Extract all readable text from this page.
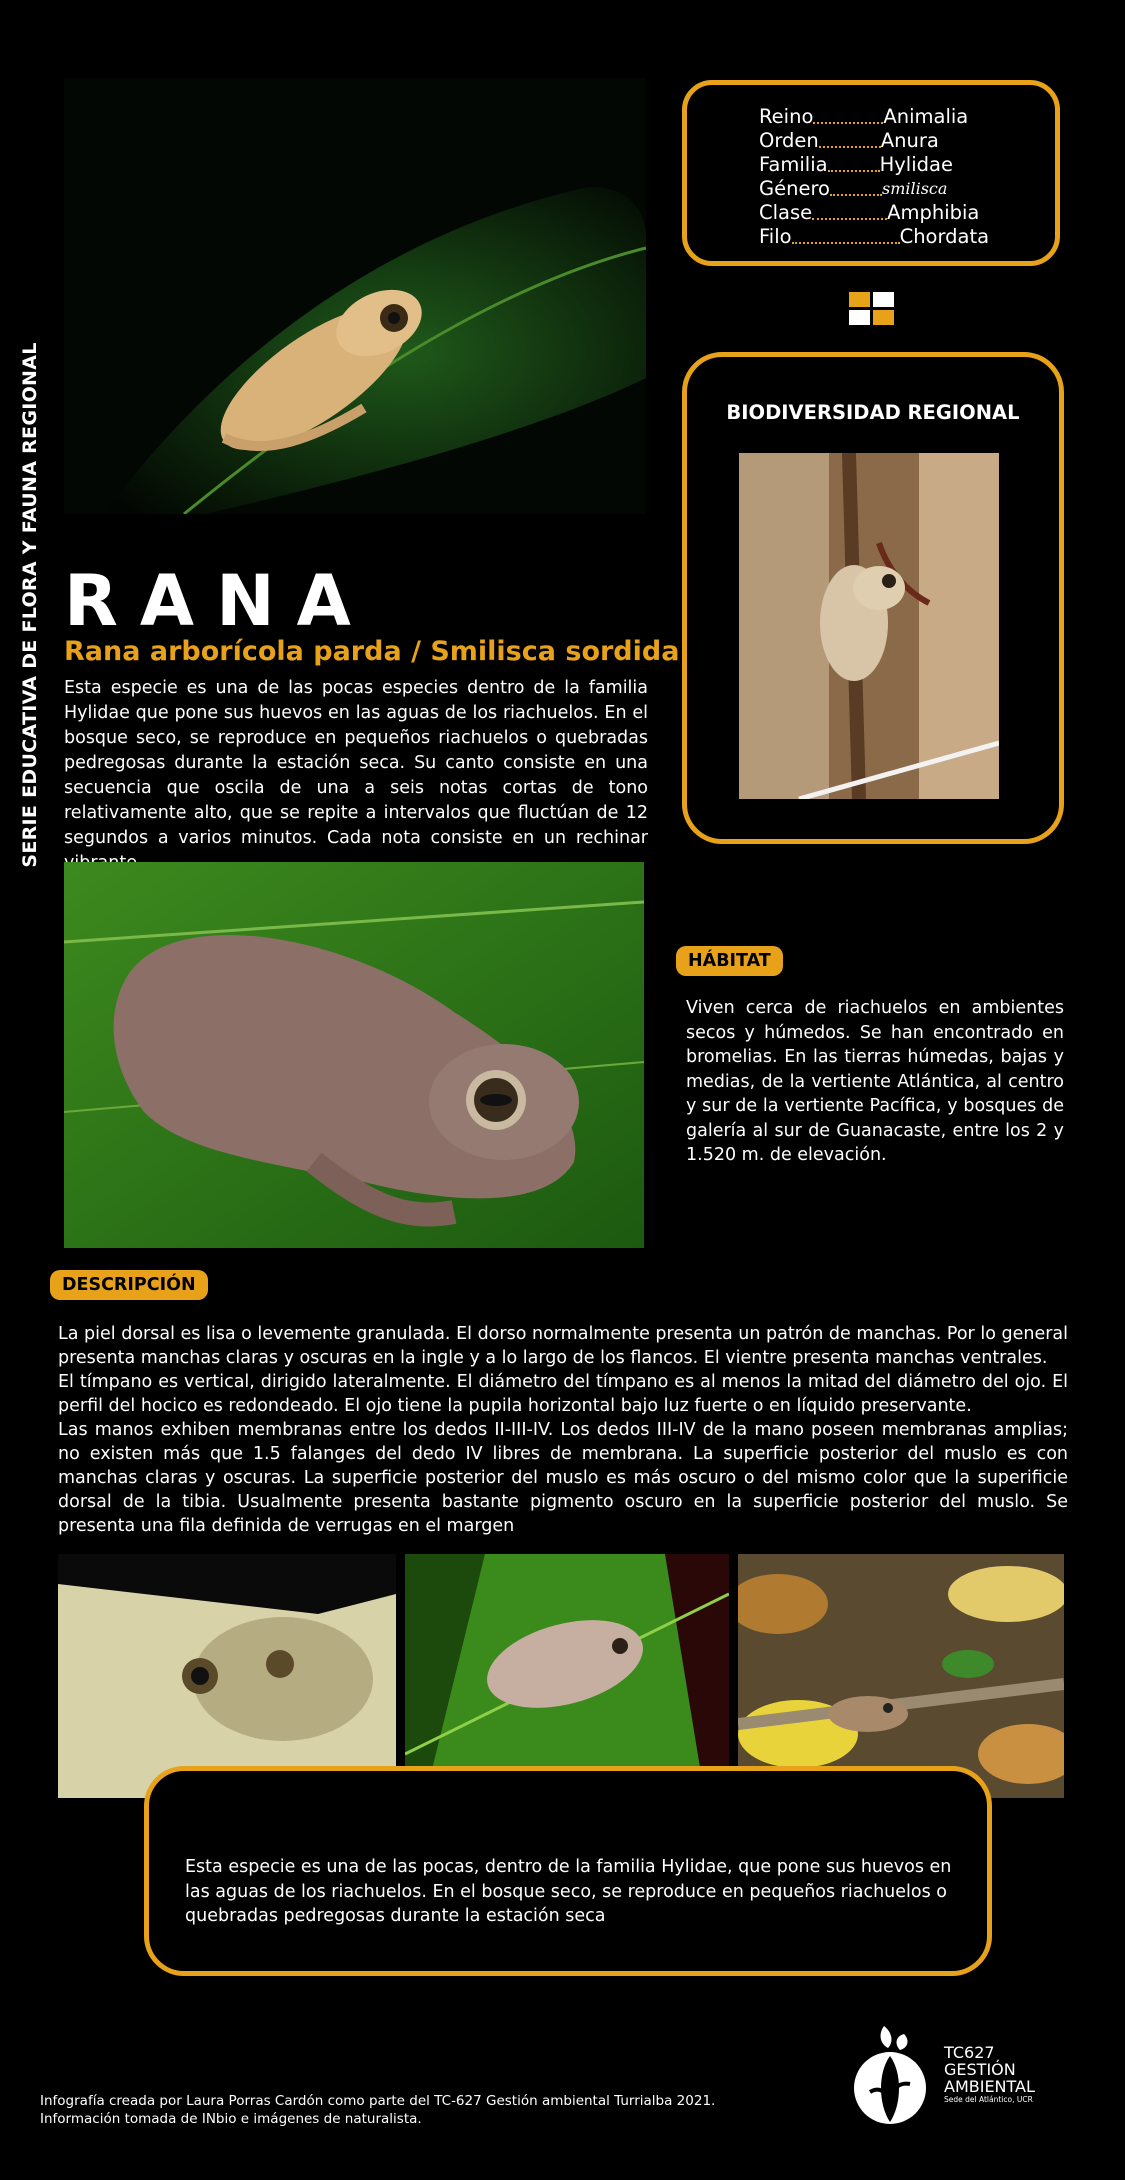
SERIE EDUCATIVA DE FLORA Y FAUNA REGIONAL
Reino	Animalia
Orden	Anura
Familia	Hylidae
Género	smilisca
Clase	Amphibia
Filo	Chordata
BIODIVERSIDAD REGIONAL
RANA
Rana arborícola parda / Smilisca sordida
Esta especie es una de las pocas especies dentro de la familia Hylidae que pone sus huevos en las aguas de los riachuelos. En el bosque seco, se reproduce en pequeños riachuelos o quebradas pedregosas durante la estación seca. Su canto consiste en una secuencia que oscila de una a seis notas cortas de tono relativamente alto, que se repite a intervalos que fluctúan de 12 segundos a varios minutos. Cada nota consiste en un rechinar
HÁBITAT
Viven cerca de riachuelos en ambientes secos y húmedos. Se han encontrado en bromelias. En las tierras húmedas, bajas y medias, de la vertiente Atlántica, al centro y sur de la vertiente Pacífica, y bosques de galería al sur de Guanacaste, entre los 2 y 1.520 m. de elevación.
DESCRIPCIÓN

La piel dorsal es lisa o levemente granulada. El dorso normalmente presenta un patrón de manchas. Por lo general presenta manchas claras y oscuras en la ingle y a lo largo de los flancos. El vientre presenta manchas ventrales.

El tímpano es vertical, dirigido lateralmente. El diámetro del tímpano es al menos la mitad del diámetro del ojo. El perfil del hocico es redondeado. El ojo tiene la pupila horizontal bajo luz fuerte o en líquido preservante.

Las manos exhiben membranas entre los dedos II-III-IV. Los dedos III-IV de la mano poseen membranas amplias; no existen más que 1.5 falanges del dedo IV libres de membrana. La superficie posterior del muslo es con manchas claras y oscuras. La superficie posterior del muslo es más oscuro o del mismo color que la superificie dorsal de la tibia. Usualmente presenta bastante pigmento oscuro en la superficie posterior del muslo. Se presenta una fila definida de verrugas en el margen

Esta especie es una de las pocas, dentro de la familia Hylidae, que pone sus huevos en las aguas de los riachuelos. En el bosque seco, se reproduce en pequeños riachuelos o quebradas pedregosas durante la estación seca
Infografía creada por Laura Porras Cardón como parte del TC-627 Gestión ambiental Turrialba 2021.
Información tomada de INbio e imágenes de naturalista.
TC627
GESTIÓN
AMBIENTAL
Sede del Atlántico, UCR
